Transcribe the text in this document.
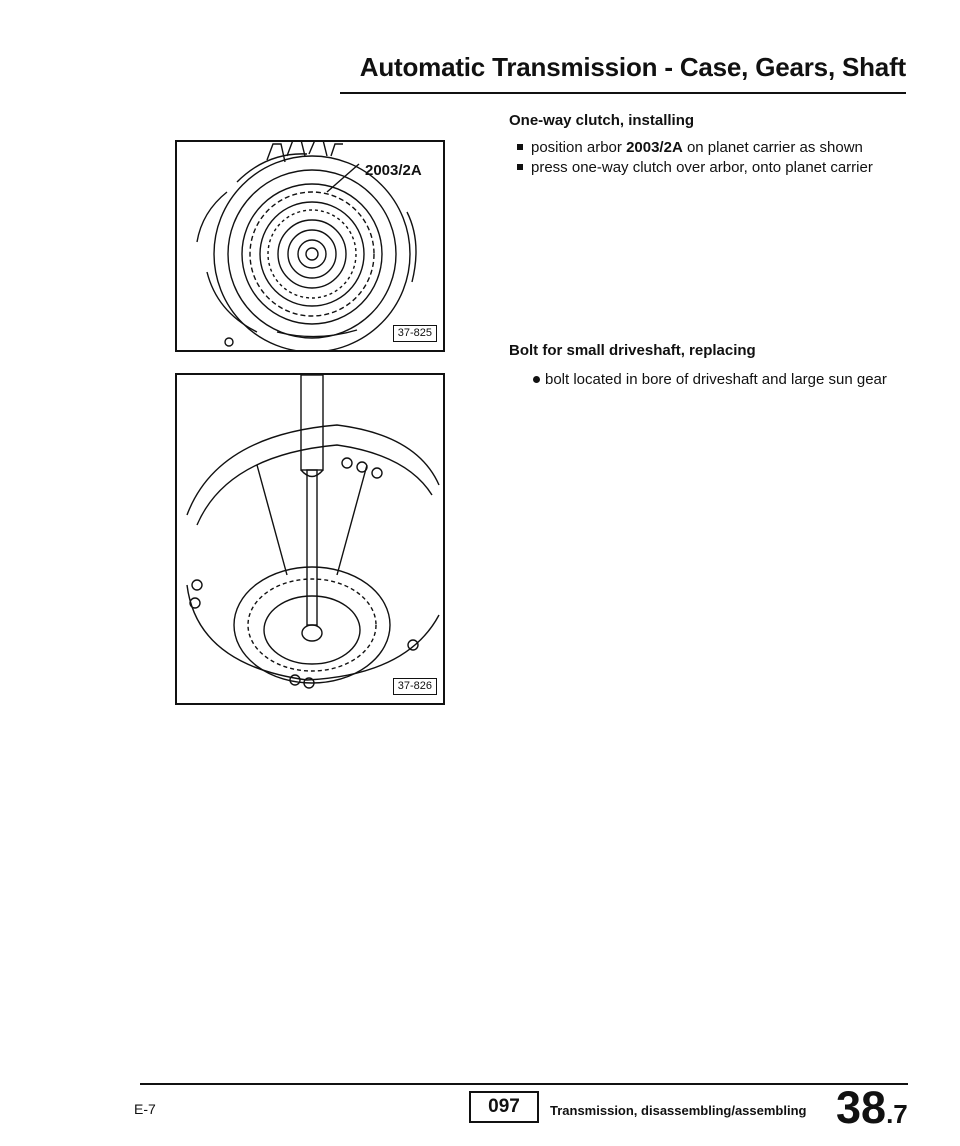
Automatic Transmission - Case, Gears, Shaft
2003/2A
37-825
37-826
One-way clutch, installing
position arbor 2003/2A on planet carrier as shown
press one-way clutch over arbor, onto planet carrier
Bolt for small driveshaft, replacing
bolt located in bore of driveshaft and large sun gear
E-7	097	Transmission, disassembling/assembling 38.7
